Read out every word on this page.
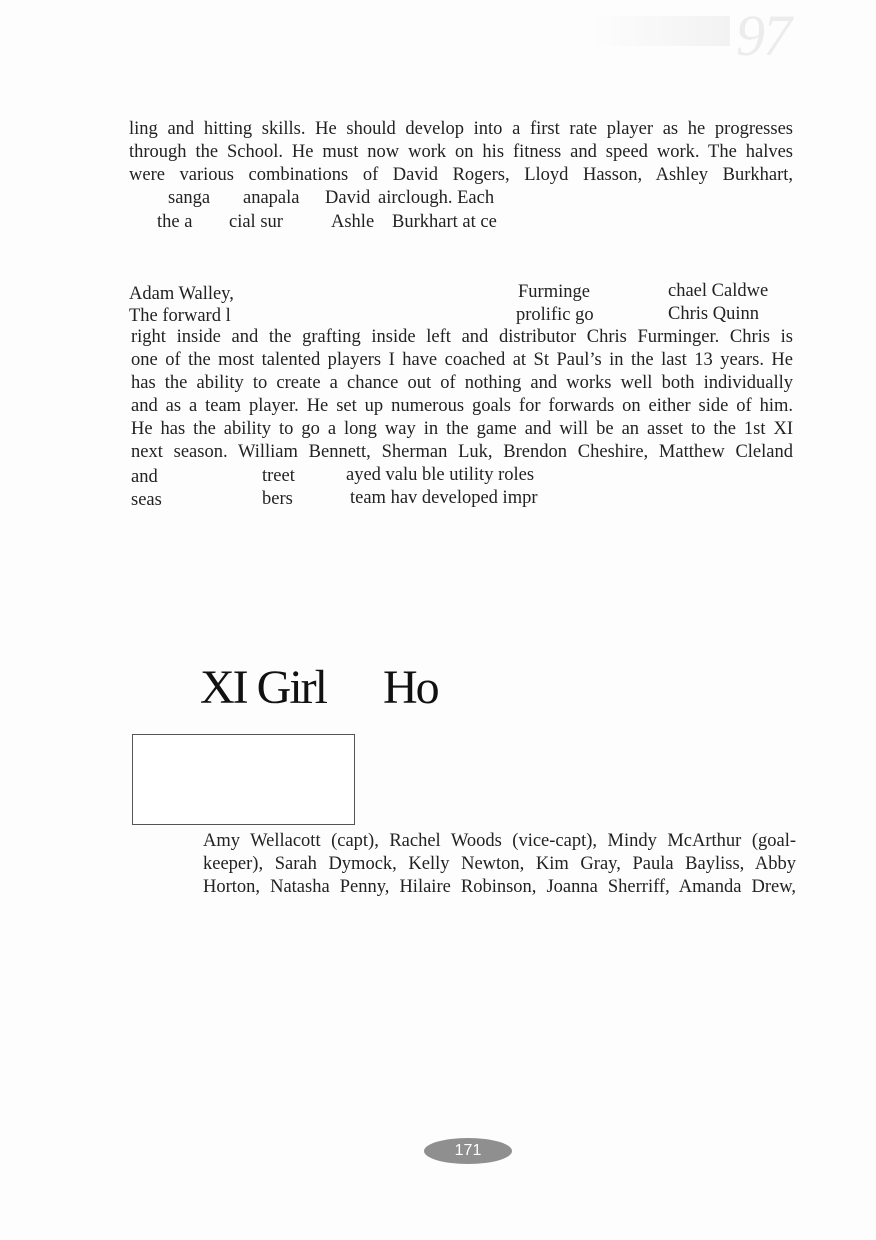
97
ling and hitting skills. He should develop into a first rate player as he progresses
through the School. He must now work on his fitness and speed work. The halves
were various combinations of David Rogers, Lloyd Hasson, Ashley Burkhart,
sanga anapala David airclough. Each
the a cial sur	Ashle Burkhart at ce
Adam Walley,	Furminge	chael Caldwe
The forward l	prolific go	Chris Quinn
right inside and the grafting inside left and distributor Chris Furminger. Chris is
one of the most talented players I have coached at St Paul’s in the last 13 years. He
has the ability to create a chance out of nothing and works well both individually
and as a team player. He set up numerous goals for forwards on either side of him.
He has the ability to go a long way in the game and will be an asset to the 1st XI
next season. William Bennett, Sherman Luk, Brendon Cheshire, Matthew Cleland
and	treet	ayed valu ble utility roles
seas	bers	team hav developed impr
XI Girl Ho
Amy Wellacott (capt), Rachel Woods (vice-capt), Mindy McArthur (goal-
keeper), Sarah Dymock, Kelly Newton, Kim Gray, Paula Bayliss, Abby
Horton, Natasha Penny, Hilaire Robinson, Joanna Sherriff, Amanda Drew,
171
